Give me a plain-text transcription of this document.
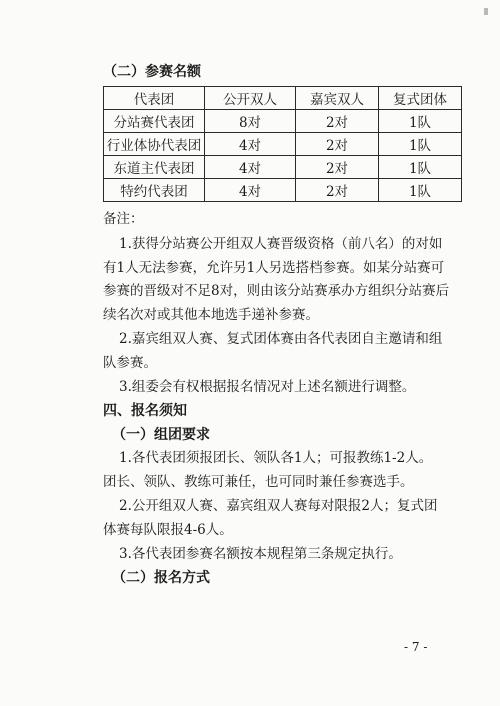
（二）参赛名额
代表团	公开双人	嘉宾双人	复式团体
分站赛代表团	8对	2对	1队
行业体协代表团	4对	2对	1队
东道主代表团	4对	2对	1队
特约代表团	4对	2对	1队
备注：
1.获得分站赛公开组双人赛晋级资格（前八名）的对如
有1人无法参赛，允许另1人另选搭档参赛。如某分站赛可
参赛的晋级对不足8对，则由该分站赛承办方组织分站赛后
续名次对或其他本地选手递补参赛。
2.嘉宾组双人赛、复式团体赛由各代表团自主邀请和组
队参赛。
3.组委会有权根据报名情况对上述名额进行调整。
四、报名须知
（一）组团要求
1.各代表团须报团长、领队各1人；可报教练1-2人。
团长、领队、教练可兼任，也可同时兼任参赛选手。
2.公开组双人赛、嘉宾组双人赛每对限报2人；复式团
体赛每队限报4-6人。
3.各代表团参赛名额按本规程第三条规定执行。
（二）报名方式
- 7 -
